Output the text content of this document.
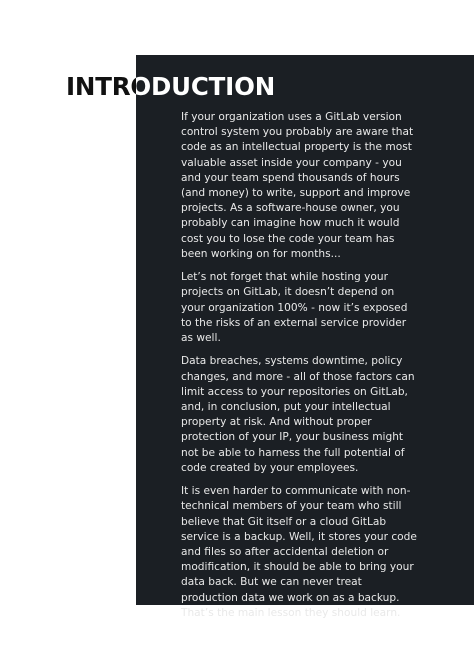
INTRODUCTION

If your organization uses a GitLab version control system you probably are aware that code as an intellectual property is the most valuable asset inside your company - you and your team spend thousands of hours (and money) to write, support and improve projects. As a software-house owner, you probably can imagine how much it would cost you to lose the code your team has been working on for months...

Let’s not forget that while hosting your projects on GitLab, it doesn’t depend on your organization 100% - now it’s exposed to the risks of an external service provider as well.

Data breaches, systems downtime, policy changes, and more - all of those factors can limit access to your repositories on GitLab, and, in conclusion, put your intellectual property at risk. And without proper protection of your IP, your business might not be able to harness the full potential of code created by your employees.

It is even harder to communicate with non-technical members of your team who still believe that Git itself or a cloud GitLab service is a backup. Well, it stores your code and files so after accidental deletion or modification, it should be able to bring your data back. But we can never treat production data we work on as a backup. That’s the main lesson they should learn.
